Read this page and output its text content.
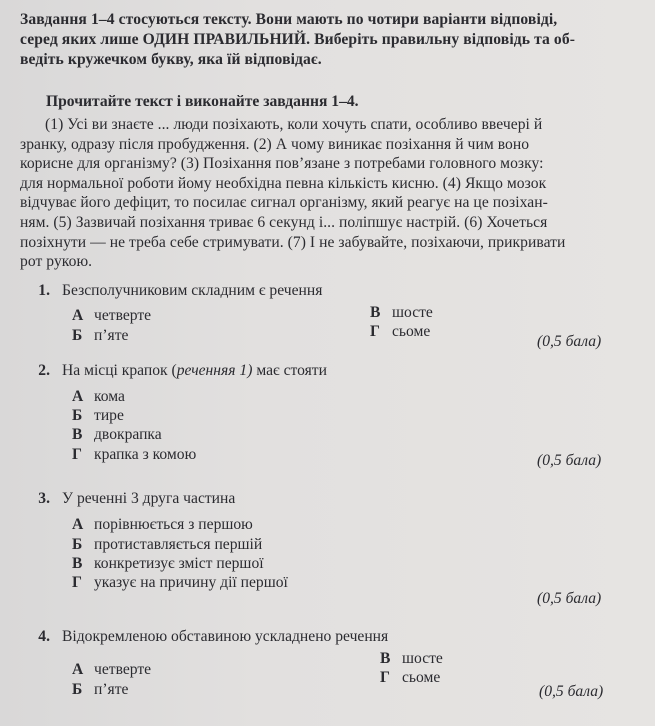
Завдання 1–4 стосуються тексту. Вони мають по чотири варіанти відповіді,
серед яких лише ОДИН ПРАВИЛЬНИЙ. Виберіть правильну відповідь та об-
ведіть кружечком букву, яка їй відповідає.
Прочитайте текст і виконайте завдання 1–4.
(1) Усі ви знаєте ... люди позіхають, коли хочуть спати, особливо ввечері й
зранку, одразу після пробудження. (2) А чому виникає позіхання й чим воно
корисне для організму? (3) Позіхання пов’язане з потребами головного мозку:
для нормальної роботи йому необхідна певна кількість кисню. (4) Якщо мозок
відчуває його дефіцит, то посилає сигнал організму, який реагує на це позіхан-
ням. (5) Зазвичай позіхання триває 6 секунд і... поліпшує настрій. (6) Хочеться
позіхнути — не треба себе стримувати. (7) І не забувайте, позіхаючи, прикривати
рот рукою.
1. Безсполучниковим складним є речення
А четверте
Б п’яте
В шосте
Г сьоме
(0,5 бала)
2. На місці крапок (реченняя 1) має стояти
А кома
Б тире
В двокрапка
Г крапка з комою	(0,5 бала)
3. У реченні 3 друга частина
А порівнюється з першою
Б протиставляється першій
В конкретизує зміст першої
Г указує на причину дії першої
(0,5 бала)
4. Відокремленою обставиною ускладнено речення
А четверте
Б п’яте
В шосте
Г сьоме
(0,5 бала)
